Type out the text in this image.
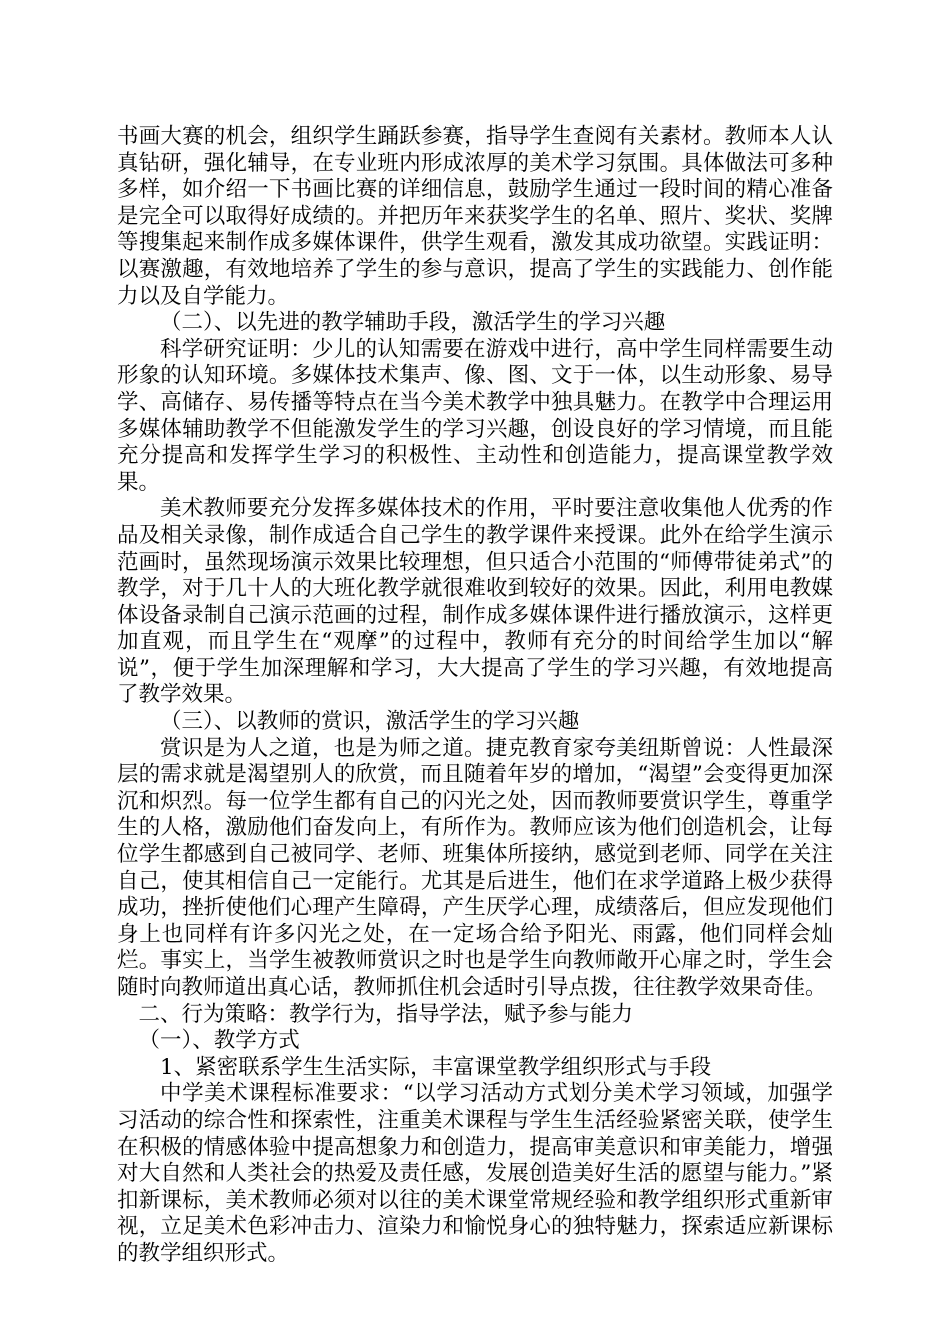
书画大赛的机会，组织学生踊跃参赛，指导学生查阅有关素材。教师本人认真钻研，强化辅导，在专业班内形成浓厚的美术学习氛围。具体做法可多种多样，如介绍一下书画比赛的详细信息，鼓励学生通过一段时间的精心准备是完全可以取得好成绩的。并把历年来获奖学生的名单、照片、奖状、奖牌等搜集起来制作成多媒体课件，供学生观看，激发其成功欲望。实践证明：以赛激趣，有效地培养了学生的参与意识，提高了学生的实践能力、创作能力以及自学能力。

（二）、以先进的教学辅助手段，激活学生的学习兴趣

科学研究证明：少儿的认知需要在游戏中进行，高中学生同样需要生动形象的认知环境。多媒体技术集声、像、图、文于一体，以生动形象、易导学、高储存、易传播等特点在当今美术教学中独具魅力。在教学中合理运用多媒体辅助教学不但能激发学生的学习兴趣，创设良好的学习情境，而且能充分提高和发挥学生学习的积极性、主动性和创造能力，提高课堂教学效果。

美术教师要充分发挥多媒体技术的作用，平时要注意收集他人优秀的作品及相关录像，制作成适合自己学生的教学课件来授课。此外在给学生演示范画时，虽然现场演示效果比较理想，但只适合小范围的“师傅带徒弟式”的教学，对于几十人的大班化教学就很难收到较好的效果。因此，利用电教媒体设备录制自己演示范画的过程，制作成多媒体课件进行播放演示，这样更加直观，而且学生在“观摩”的过程中，教师有充分的时间给学生加以“解说”，便于学生加深理解和学习，大大提高了学生的学习兴趣，有效地提高了教学效果。

（三）、以教师的赏识，激活学生的学习兴趣

赏识是为人之道，也是为师之道。捷克教育家夸美纽斯曾说：人性最深层的需求就是渴望别人的欣赏，而且随着年岁的增加，“渴望”会变得更加深沉和炽烈。每一位学生都有自己的闪光之处，因而教师要赏识学生，尊重学生的人格，激励他们奋发向上，有所作为。教师应该为他们创造机会，让每位学生都感到自己被同学、老师、班集体所接纳，感觉到老师、同学在关注自己，使其相信自己一定能行。尤其是后进生，他们在求学道路上极少获得成功，挫折使他们心理产生障碍，产生厌学心理，成绩落后，但应发现他们身上也同样有许多闪光之处，在一定场合给予阳光、雨露，他们同样会灿烂。事实上，当学生被教师赏识之时也是学生向教师敞开心扉之时，学生会随时向教师道出真心话，教师抓住机会适时引导点拨，往往教学效果奇佳。

二、行为策略：教学行为，指导学法，赋予参与能力

（一）、教学方式

1、紧密联系学生生活实际，丰富课堂教学组织形式与手段

中学美术课程标准要求：“以学习活动方式划分美术学习领域，加强学习活动的综合性和探索性，注重美术课程与学生生活经验紧密关联，使学生在积极的情感体验中提高想象力和创造力，提高审美意识和审美能力，增强对大自然和人类社会的热爱及责任感，发展创造美好生活的愿望与能力。”紧扣新课标，美术教师必须对以往的美术课堂常规经验和教学组织形式重新审视，立足美术色彩冲击力、渲染力和愉悦身心的独特魅力，探索适应新课标的教学组织形式。
